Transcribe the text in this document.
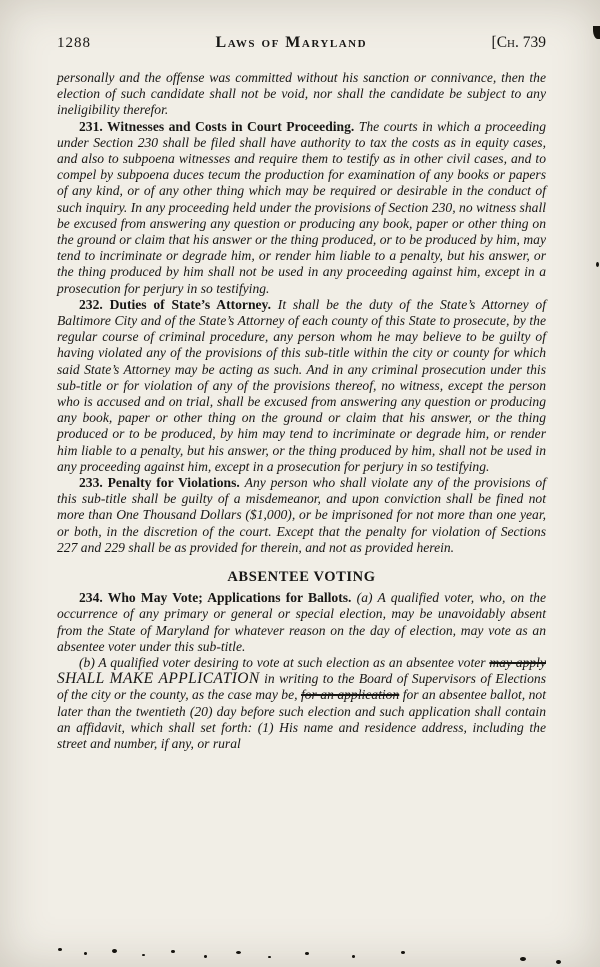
1288	Laws of Maryland	[Ch. 739

personally and the offense was committed without his sanction or connivance, then the election of such candidate shall not be void, nor shall the candidate be subject to any ineligibility therefor.

231. Witnesses and Costs in Court Proceeding. The courts in which a proceeding under Section 230 shall be filed shall have authority to tax the costs as in equity cases, and also to subpoena witnesses and require them to testify as in other civil cases, and to compel by subpoena duces tecum the production for examination of any books or papers of any kind, or of any other thing which may be required or desirable in the conduct of such inquiry. In any proceeding held under the provisions of Section 230, no witness shall be excused from answering any question or producing any book, paper or other thing on the ground or claim that his answer or the thing produced, or to be produced by him, may tend to incriminate or degrade him, or render him liable to a penalty, but his answer, or the thing produced by him shall not be used in any proceeding against him, except in a prosecution for perjury in so testifying.

232. Duties of State’s Attorney. It shall be the duty of the State’s Attorney of Baltimore City and of the State’s Attorney of each county of this State to prosecute, by the regular course of criminal procedure, any person whom he may believe to be guilty of having violated any of the provisions of this sub-title within the city or county for which said State’s Attorney may be acting as such. And in any criminal prosecution under this sub-title or for violation of any of the provisions thereof, no witness, except the person who is accused and on trial, shall be excused from answering any question or producing any book, paper or other thing on the ground or claim that his answer, or the thing produced or to be produced, by him may tend to incriminate or degrade him, or render him liable to a penalty, but his answer, or the thing produced by him, shall not be used in any proceeding against him, except in a prosecution for perjury in so testifying.

233. Penalty for Violations. Any person who shall violate any of the provisions of this sub-title shall be guilty of a misdemeanor, and upon conviction shall be fined not more than One Thousand Dollars ($1,000), or be imprisoned for not more than one year, or both, in the discretion of the court. Except that the penalty for violation of Sections 227 and 229 shall be as provided for therein, and not as provided herein.

ABSENTEE VOTING

234. Who May Vote; Applications for Ballots. (a) A qualified voter, who, on the occurrence of any primary or general or special election, may be unavoidably absent from the State of Maryland for whatever reason on the day of election, may vote as an absentee voter under this sub-title.

(b) A qualified voter desiring to vote at such election as an absentee voter may apply SHALL MAKE APPLICATION in writing to the Board of Supervisors of Elections of the city or the county, as the case may be, for an application for an absentee ballot, not later than the twentieth (20) day before such election and such application shall contain an affidavit, which shall set forth: (1) His name and residence address, including the street and number, if any, or rural
